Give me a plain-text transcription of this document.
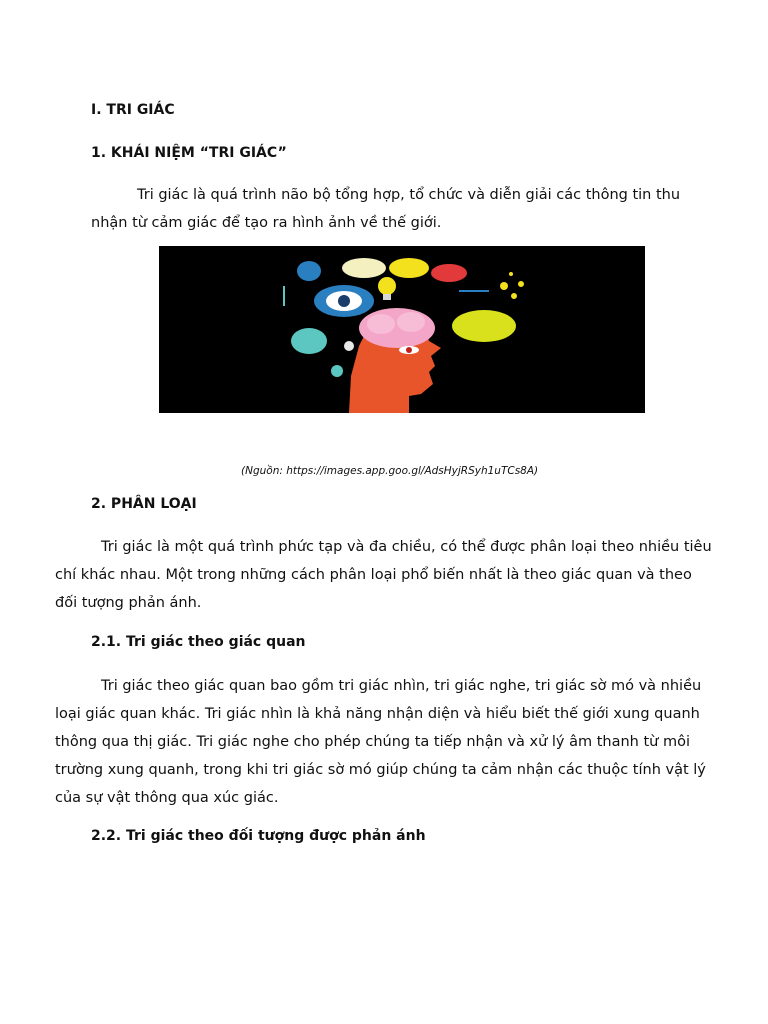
I. TRI GIÁC
1. KHÁI NIỆM “TRI GIÁC”

Tri giác là quá trình não bộ tổng hợp, tổ chức và diễn giải các thông tin thu nhận từ cảm giác để tạo ra hình ảnh về thế giới.

(Nguồn: https://images.app.goo.gl/AdsHyjRSyh1uTCs8A)
2. PHÂN LOẠI

Tri giác là một quá trình phức tạp và đa chiều, có thể được phân loại theo nhiều tiêu chí khác nhau. Một trong những cách phân loại phổ biến nhất là theo giác quan và theo đối tượng phản ánh.

2.1. Tri giác theo giác quan

Tri giác theo giác quan bao gồm tri giác nhìn, tri giác nghe, tri giác sờ mó và nhiều loại giác quan khác. Tri giác nhìn là khả năng nhận diện và hiểu biết thế giới xung quanh thông qua thị giác. Tri giác nghe cho phép chúng ta tiếp nhận và xử lý âm thanh từ môi trường xung quanh, trong khi tri giác sờ mó giúp chúng ta cảm nhận các thuộc tính vật lý của sự vật thông qua xúc giác.

2.2. Tri giác theo đối tượng được phản ánh
